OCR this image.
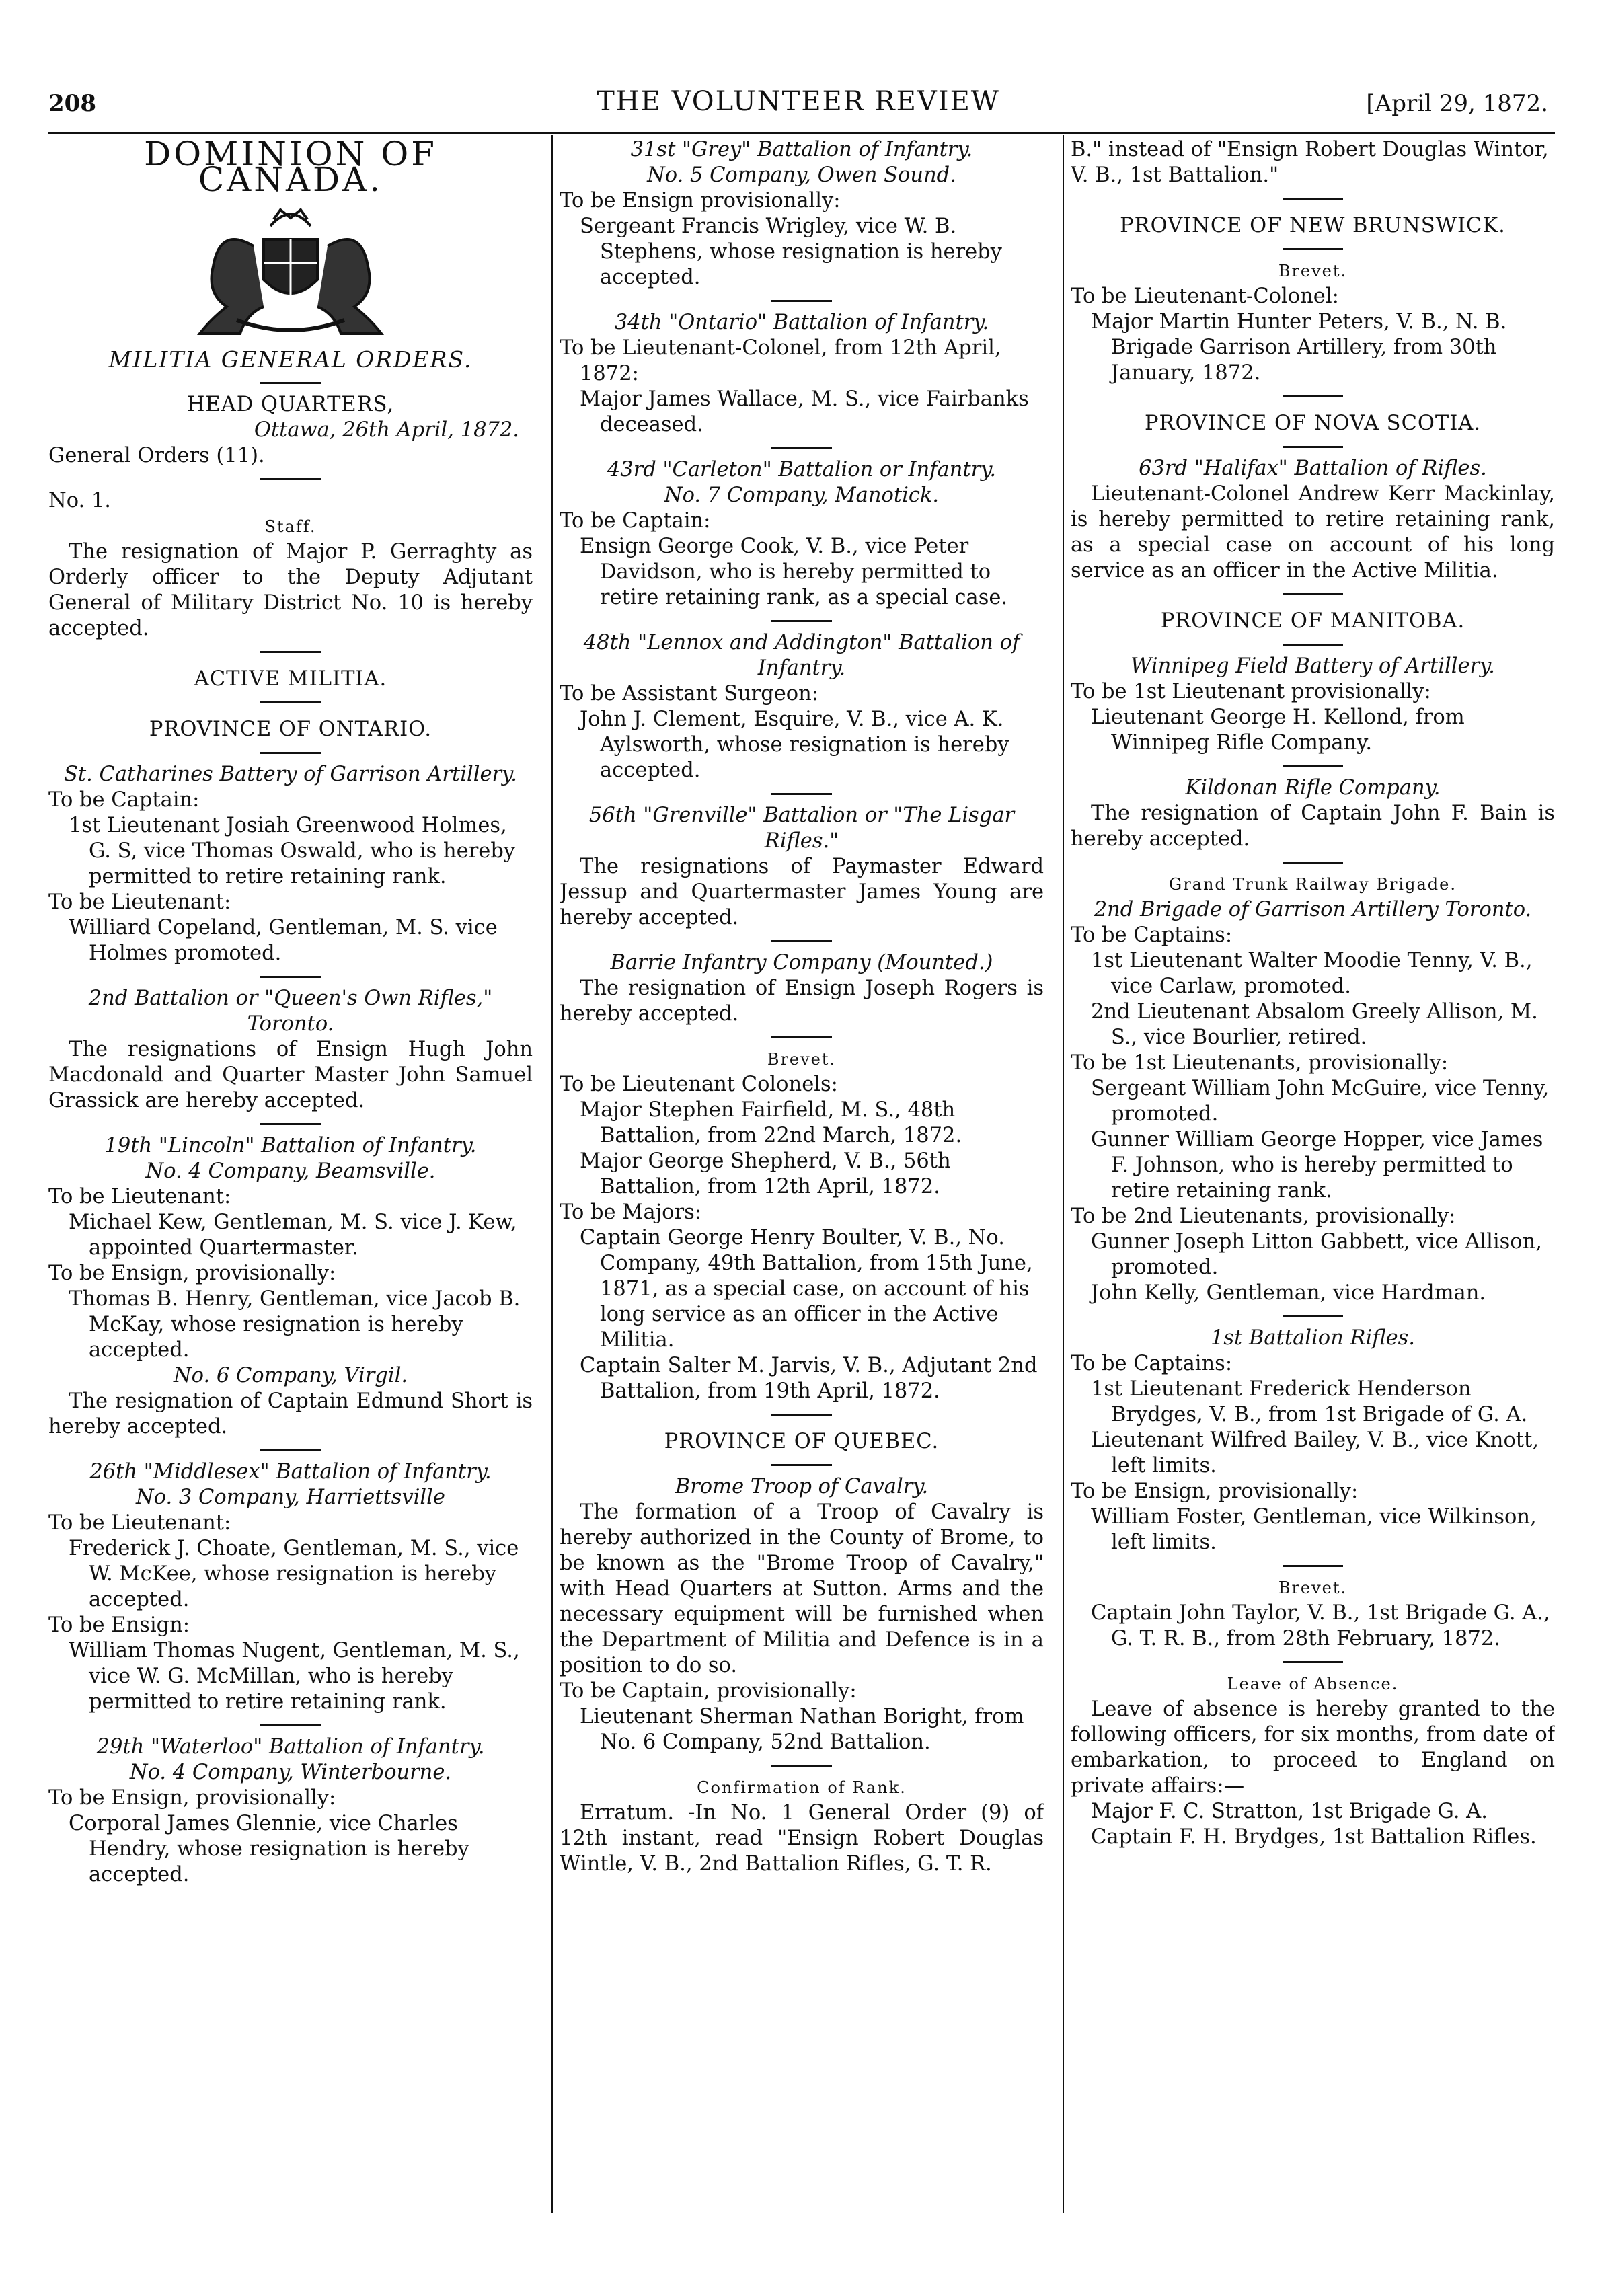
208	THE VOLUNTEER REVIEW	[April 29, 1872.

DOMINION OF CANADA.

MILITIA GENERAL ORDERS.

HEAD QUARTERS,

Ottawa, 26th April, 1872.

General Orders (11).

No. 1.

Staff.

The resignation of Major P. Gerraghty as Orderly officer to the Deputy Adjutant General of Military District No. 10 is hereby accepted.

ACTIVE MILITIA.

PROVINCE OF ONTARIO.

St. Catharines Battery of Garrison Artillery.

To be Captain:

1st Lieutenant Josiah Greenwood Holmes, G. S, vice Thomas Oswald, who is hereby permitted to retire retaining rank.

To be Lieutenant:

Williard Copeland, Gentleman, M. S. vice Holmes promoted.

2nd Battalion or "Queen's Own Rifles,"

Toronto.

The resignations of Ensign Hugh John Macdonald and Quarter Master John Samuel Grassick are hereby accepted.

19th "Lincoln" Battalion of Infantry.

No. 4 Company, Beamsville.

To be Lieutenant:

Michael Kew, Gentleman, M. S. vice J. Kew, appointed Quartermaster.

To be Ensign, provisionally:

Thomas B. Henry, Gentleman, vice Jacob B. McKay, whose resignation is hereby accepted.

No. 6 Company, Virgil.

The resignation of Captain Edmund Short is hereby accepted.

26th "Middlesex" Battalion of Infantry.

No. 3 Company, Harriettsville

To be Lieutenant:

Frederick J. Choate, Gentleman, M. S., vice W. McKee, whose resignation is hereby accepted.

To be Ensign:

William Thomas Nugent, Gentleman, M. S., vice W. G. McMillan, who is hereby permitted to retire retaining rank.

29th "Waterloo" Battalion of Infantry.

No. 4 Company, Winterbourne.

To be Ensign, provisionally:

Corporal James Glennie, vice Charles Hendry, whose resignation is hereby accepted.

31st "Grey" Battalion of Infantry.

No. 5 Company, Owen Sound.

To be Ensign provisionally:

Sergeant Francis Wrigley, vice W. B. Stephens, whose resignation is hereby accepted.

34th "Ontario" Battalion of Infantry.

To be Lieutenant-Colonel, from 12th April, 1872:

Major James Wallace, M. S., vice Fairbanks deceased.

43rd "Carleton" Battalion or Infantry.

No. 7 Company, Manotick.

To be Captain:

Ensign George Cook, V. B., vice Peter Davidson, who is hereby permitted to retire retaining rank, as a special case.

48th "Lennox and Addington" Battalion of Infantry.

To be Assistant Surgeon:

John J. Clement, Esquire, V. B., vice A. K. Aylsworth, whose resignation is hereby accepted.

56th "Grenville" Battalion or "The Lisgar Rifles."

The resignations of Paymaster Edward Jessup and Quartermaster James Young are hereby accepted.

Barrie Infantry Company (Mounted.)

The resignation of Ensign Joseph Rogers is hereby accepted.

Brevet.

To be Lieutenant Colonels:

Major Stephen Fairfield, M. S., 48th Battalion, from 22nd March, 1872.

Major George Shepherd, V. B., 56th Battalion, from 12th April, 1872.

To be Majors:

Captain George Henry Boulter, V. B., No. Company, 49th Battalion, from 15th June, 1871, as a special case, on account of his long service as an officer in the Active Militia.

Captain Salter M. Jarvis, V. B., Adjutant 2nd Battalion, from 19th April, 1872.

PROVINCE OF QUEBEC.

Brome Troop of Cavalry.

The formation of a Troop of Cavalry is hereby authorized in the County of Brome, to be known as the "Brome Troop of Cavalry," with Head Quarters at Sutton. Arms and the necessary equipment will be furnished when the Department of Militia and Defence is in a position to do so.

To be Captain, provisionally:

Lieutenant Sherman Nathan Boright, from No. 6 Company, 52nd Battalion.

Confirmation of Rank.

Erratum. -In No. 1 General Order (9) of 12th instant, read "Ensign Robert Douglas Wintle, V. B., 2nd Battalion Rifles, G. T. R.

B." instead of "Ensign Robert Douglas Wintor, V. B., 1st Battalion."

PROVINCE OF NEW BRUNSWICK.

Brevet.

To be Lieutenant-Colonel:

Major Martin Hunter Peters, V. B., N. B. Brigade Garrison Artillery, from 30th January, 1872.

PROVINCE OF NOVA SCOTIA.

63rd "Halifax" Battalion of Rifles.

Lieutenant-Colonel Andrew Kerr Mackinlay, is hereby permitted to retire retaining rank, as a special case on account of his long service as an officer in the Active Militia.

PROVINCE OF MANITOBA.

Winnipeg Field Battery of Artillery.

To be 1st Lieutenant provisionally:

Lieutenant George H. Kellond, from Winnipeg Rifle Company.

Kildonan Rifle Company.

The resignation of Captain John F. Bain is hereby accepted.

Grand Trunk Railway Brigade.

2nd Brigade of Garrison Artillery Toronto.

To be Captains:

1st Lieutenant Walter Moodie Tenny, V. B., vice Carlaw, promoted.

2nd Lieutenant Absalom Greely Allison, M. S., vice Bourlier, retired.

To be 1st Lieutenants, provisionally:

Sergeant William John McGuire, vice Tenny, promoted.

Gunner William George Hopper, vice James F. Johnson, who is hereby permitted to retire retaining rank.

To be 2nd Lieutenants, provisionally:

Gunner Joseph Litton Gabbett, vice Allison, promoted.

John Kelly, Gentleman, vice Hardman.

1st Battalion Rifles.

To be Captains:

1st Lieutenant Frederick Henderson Brydges, V. B., from 1st Brigade of G. A.

Lieutenant Wilfred Bailey, V. B., vice Knott, left limits.

To be Ensign, provisionally:

William Foster, Gentleman, vice Wilkinson, left limits.

Brevet.

Captain John Taylor, V. B., 1st Brigade G. A., G. T. R. B., from 28th February, 1872.

Leave of Absence.

Leave of absence is hereby granted to the following officers, for six months, from date of embarkation, to proceed to England on private affairs:—

Major F. C. Stratton, 1st Brigade G. A.

Captain F. H. Brydges, 1st Battalion Rifles.
